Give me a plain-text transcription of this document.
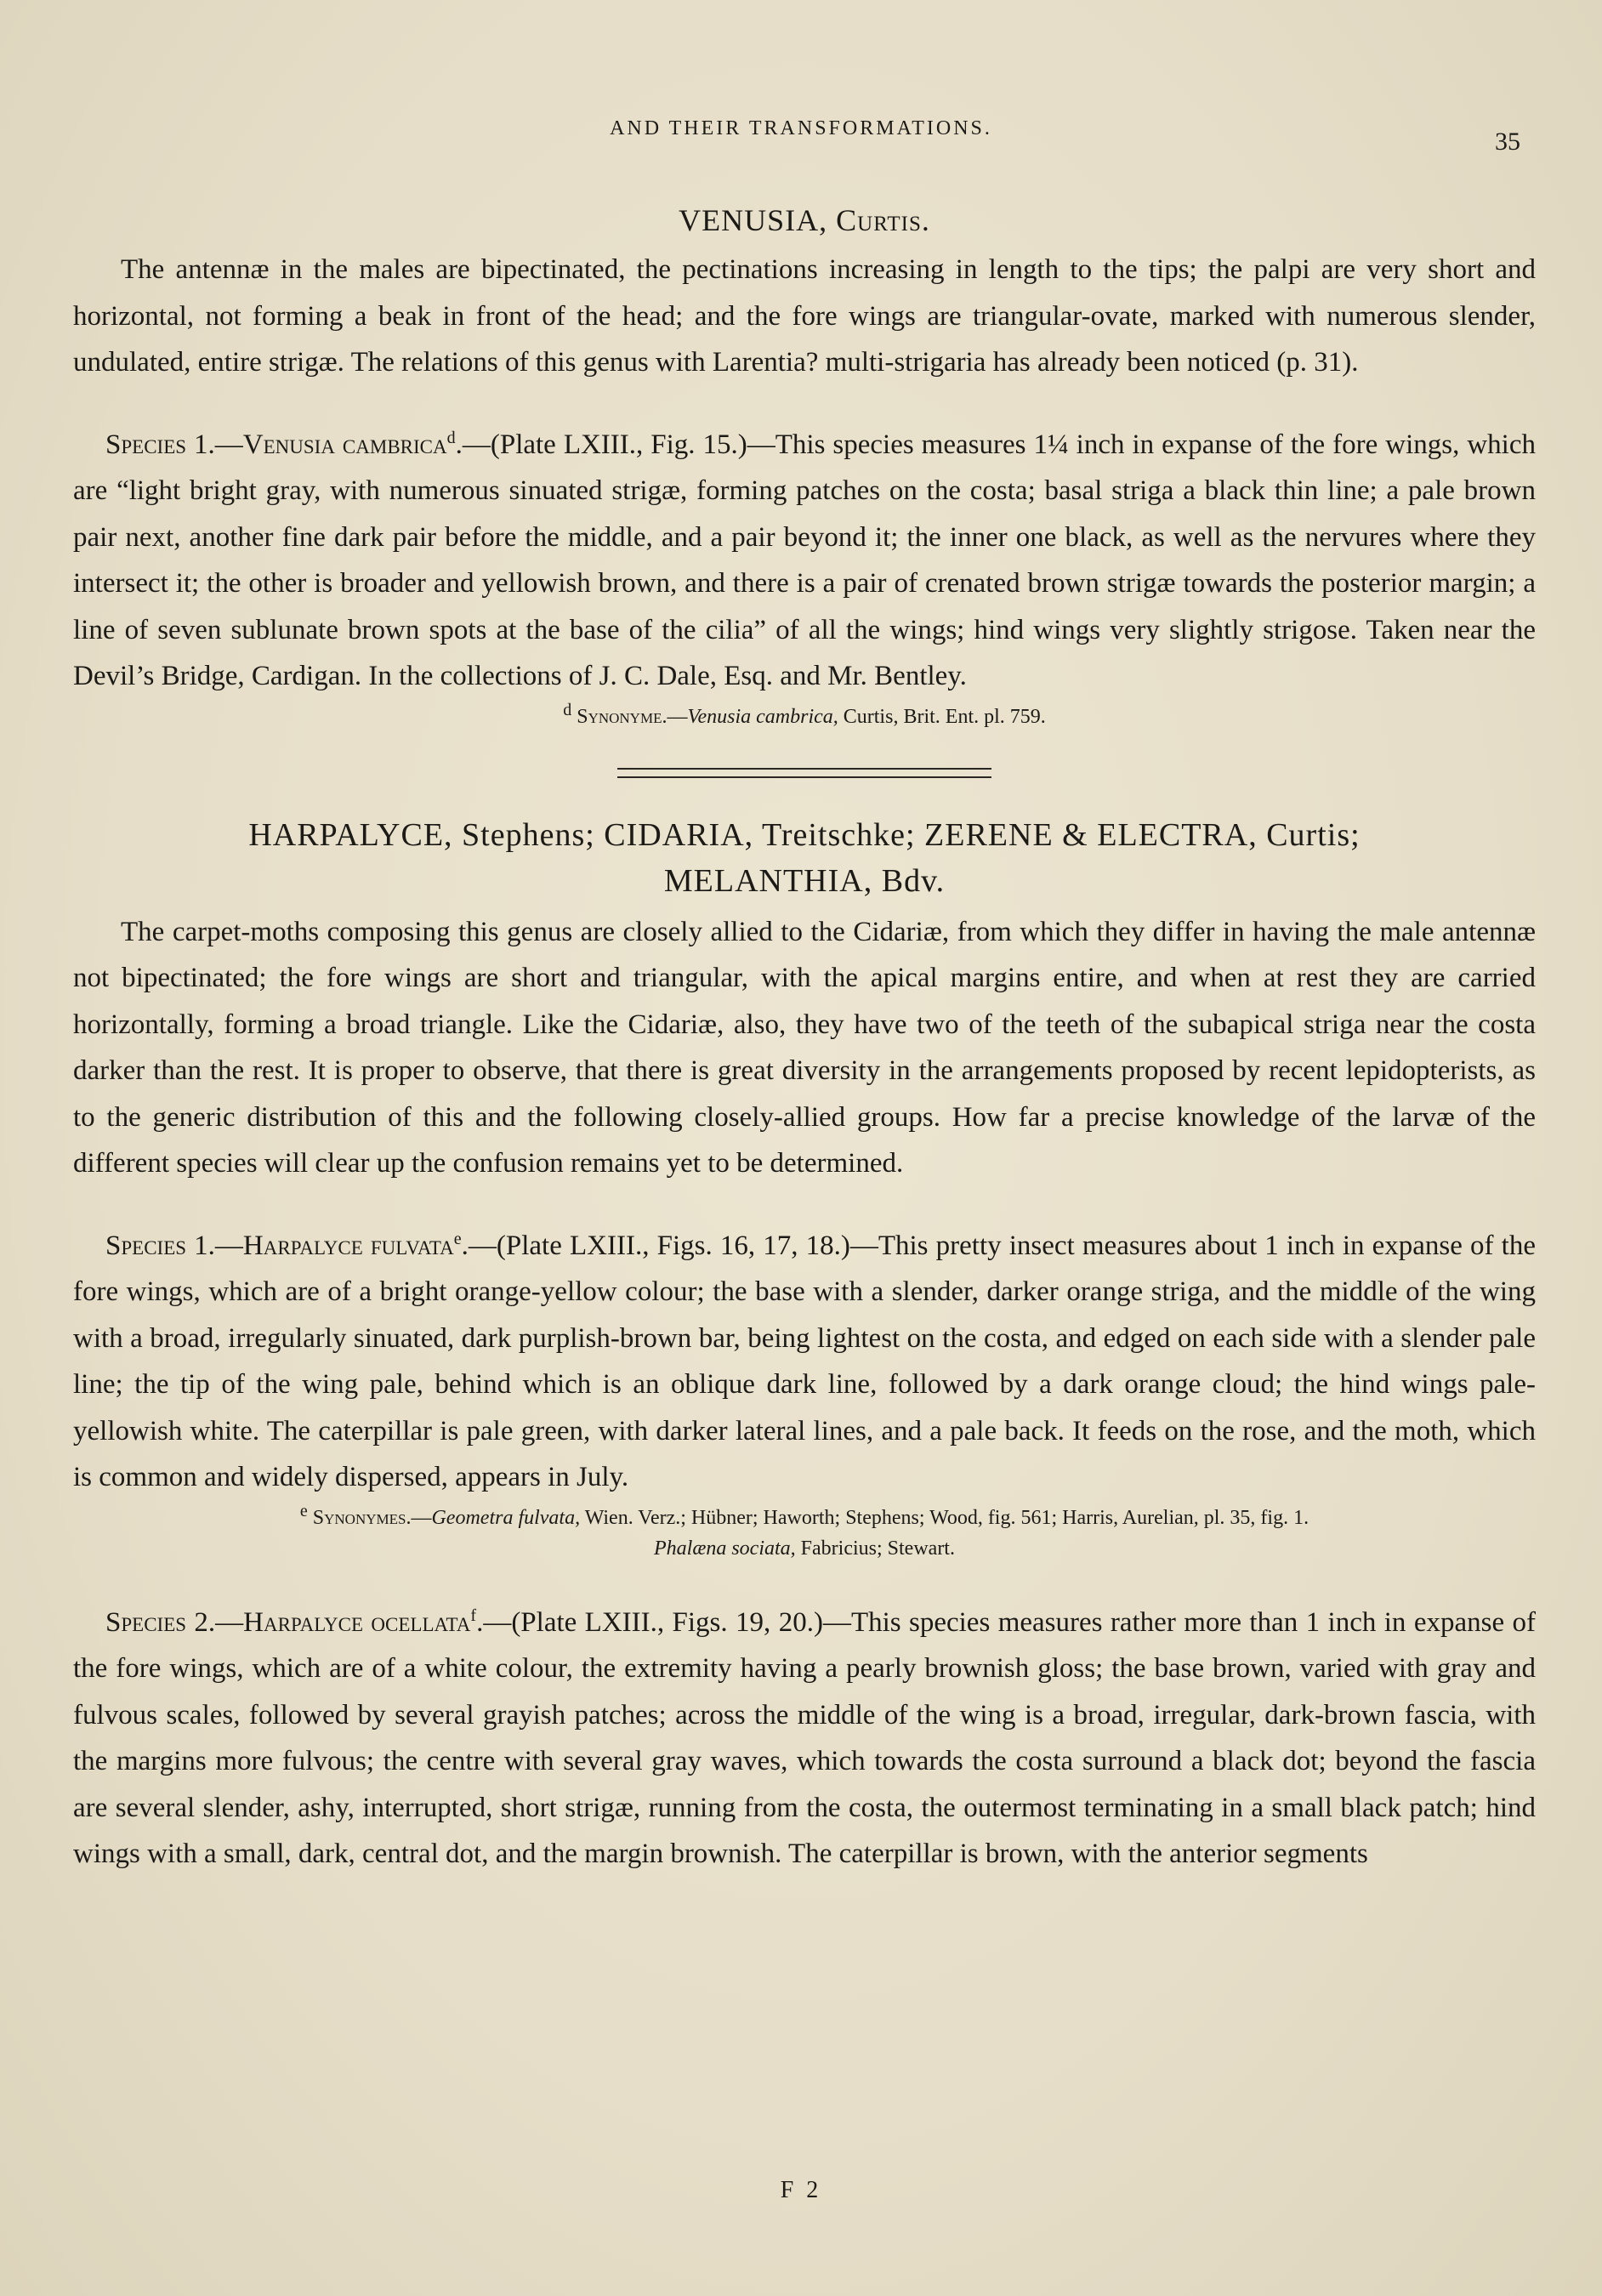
AND THEIR TRANSFORMATIONS.	35
VENUSIA, Curtis.

The antennæ in the males are bipectinated, the pectinations increasing in length to the tips; the palpi are very short and horizontal, not forming a beak in front of the head; and the fore wings are triangular-ovate, marked with numerous slender, undulated, entire strigæ. The relations of this genus with Larentia? multi-strigaria has already been noticed (p. 31).

Species 1.—Venusia cambrica$^d$.—(Plate LXIII., Fig. 15.)—This species measures 1¼ inch in expanse of the fore wings, which are “light bright gray, with numerous sinuated strigæ, forming patches on the costa; basal striga a black thin line; a pale brown pair next, another fine dark pair before the middle, and a pair beyond it; the inner one black, as well as the nervures where they intersect it; the other is broader and yellowish brown, and there is a pair of crenated brown strigæ towards the posterior margin; a line of seven sublunate brown spots at the base of the cilia” of all the wings; hind wings very slightly strigose. Taken near the Devil’s Bridge, Cardigan. In the collections of J. C. Dale, Esq. and Mr. Bentley.

$^d$ Synonyme.—Venusia cambrica, Curtis, Brit. Ent. pl. 759.
HARPALYCE, Stephens; CIDARIA, Treitschke; ZERENE & ELECTRA, Curtis;
MELANTHIA, Bdv.

The carpet-moths composing this genus are closely allied to the Cidariæ, from which they differ in having the male antennæ not bipectinated; the fore wings are short and triangular, with the apical margins entire, and when at rest they are carried horizontally, forming a broad triangle. Like the Cidariæ, also, they have two of the teeth of the subapical striga near the costa darker than the rest. It is proper to observe, that there is great diversity in the arrangements proposed by recent lepidopterists, as to the generic distribution of this and the following closely-allied groups. How far a precise knowledge of the larvæ of the different species will clear up the confusion remains yet to be determined.

Species 1.—Harpalyce fulvata$^e$.—(Plate LXIII., Figs. 16, 17, 18.)—This pretty insect measures about 1 inch in expanse of the fore wings, which are of a bright orange-yellow colour; the base with a slender, darker orange striga, and the middle of the wing with a broad, irregularly sinuated, dark purplish-brown bar, being lightest on the costa, and edged on each side with a slender pale line; the tip of the wing pale, behind which is an oblique dark line, followed by a dark orange cloud; the hind wings pale-yellowish white. The caterpillar is pale green, with darker lateral lines, and a pale back. It feeds on the rose, and the moth, which is common and widely dispersed, appears in July.

$^e$ Synonymes.—Geometra fulvata, Wien. Verz.; Hübner; Haworth; Stephens; Wood, fig. 561; Harris, Aurelian, pl. 35, fig. 1.
Phalæna sociata, Fabricius; Stewart.

Species 2.—Harpalyce ocellata$^f$.—(Plate LXIII., Figs. 19, 20.)—This species measures rather more than 1 inch in expanse of the fore wings, which are of a white colour, the extremity having a pearly brownish gloss; the base brown, varied with gray and fulvous scales, followed by several grayish patches; across the middle of the wing is a broad, irregular, dark-brown fascia, with the margins more fulvous; the centre with several gray waves, which towards the costa surround a black dot; beyond the fascia are several slender, ashy, interrupted, short strigæ, running from the costa, the outermost terminating in a small black patch; hind wings with a small, dark, central dot, and the margin brownish. The caterpillar is brown, with the anterior segments

F 2
